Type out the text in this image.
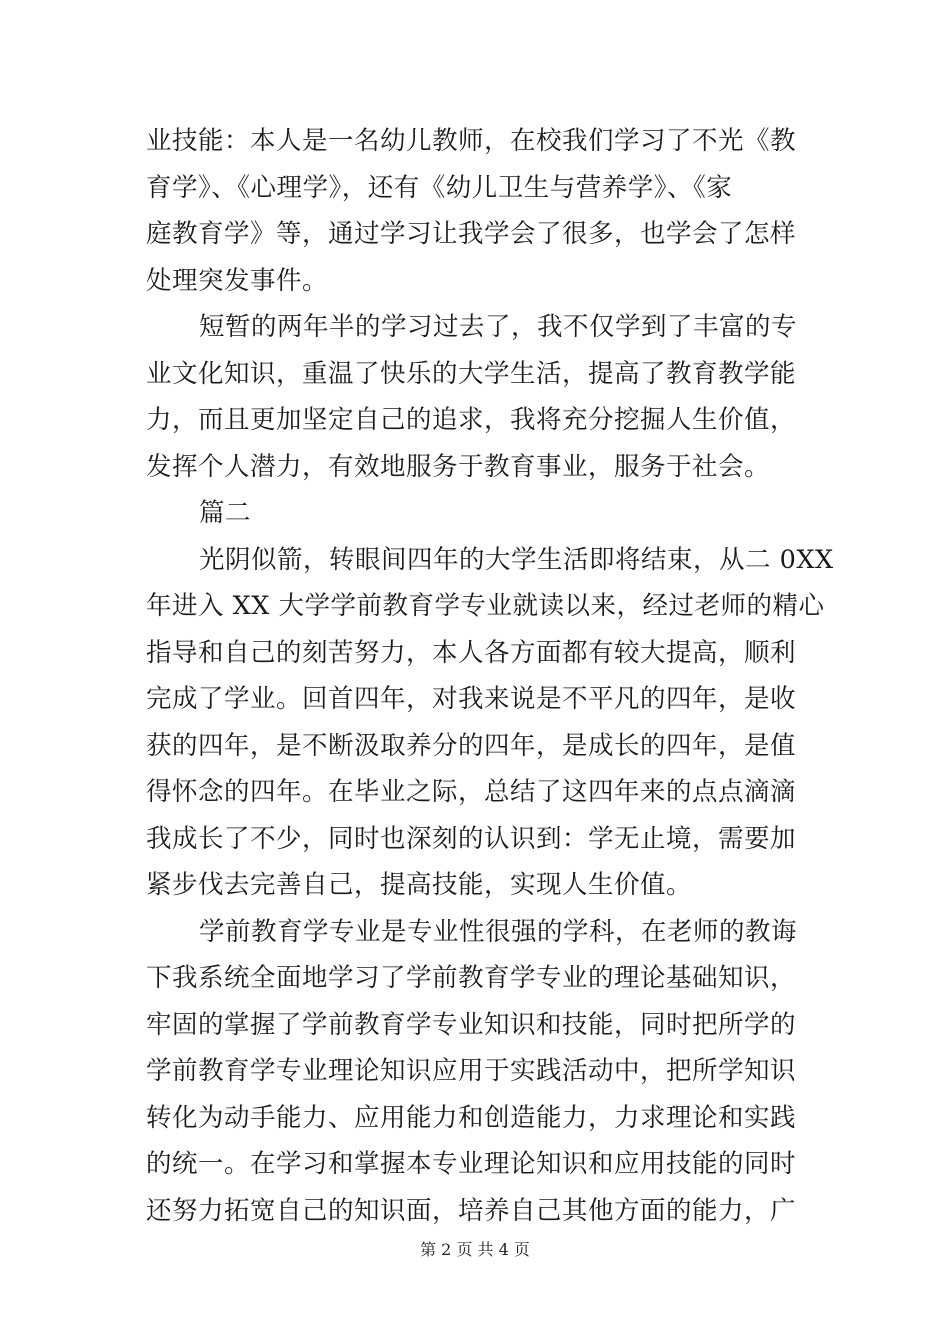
业技能：本人是一名幼儿教师，在校我们学习了不光《教
育学》、《心理学》，还有《幼儿卫生与营养学》、《家
庭教育学》等，通过学习让我学会了很多，也学会了怎样
处理突发事件。
短暂的两年半的学习过去了，我不仅学到了丰富的专
业文化知识，重温了快乐的大学生活，提高了教育教学能
力，而且更加坚定自己的追求，我将充分挖掘人生价值，
发挥个人潜力，有效地服务于教育事业，服务于社会。
篇二
光阴似箭，转眼间四年的大学生活即将结束，从二 0XX
年进入 XX 大学学前教育学专业就读以来，经过老师的精心
指导和自己的刻苦努力，本人各方面都有较大提高，顺利
完成了学业。回首四年，对我来说是不平凡的四年，是收
获的四年，是不断汲取养分的四年，是成长的四年，是值
得怀念的四年。在毕业之际，总结了这四年来的点点滴滴
我成长了不少，同时也深刻的认识到：学无止境，需要加
紧步伐去完善自己，提高技能，实现人生价值。
学前教育学专业是专业性很强的学科，在老师的教诲
下我系统全面地学习了学前教育学专业的理论基础知识，
牢固的掌握了学前教育学专业知识和技能，同时把所学的
学前教育学专业理论知识应用于实践活动中，把所学知识
转化为动手能力、应用能力和创造能力，力求理论和实践
的统一。在学习和掌握本专业理论知识和应用技能的同时
还努力拓宽自己的知识面，培养自己其他方面的能力，广
第 2 页 共 4 页
